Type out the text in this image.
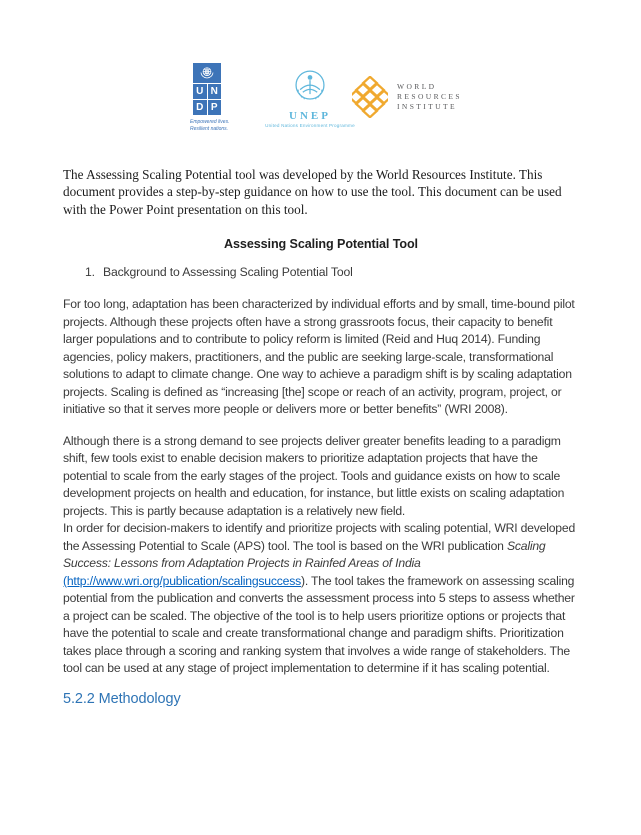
U N
D P
Empowered lives.
Resilient nations.
UNEP
United Nations Environment Programme
WORLD
RESOURCES
INSTITUTE

The Assessing Scaling Potential tool was developed by the World Resources Institute. This document provides a step-by-step guidance on how to use the tool. This document can be used with the Power Point presentation on this tool.

Assessing Scaling Potential Tool
1. Background to Assessing Scaling Potential Tool

For too long, adaptation has been characterized by individual efforts and by small, time-bound pilot projects. Although these projects often have a strong grassroots focus, their capacity to benefit larger populations and to contribute to policy reform is limited (Reid and Huq 2014). Funding agencies, policy makers, practitioners, and the public are seeking large-scale, transformational solutions to adapt to climate change. One way to achieve a paradigm shift is by scaling adaptation projects. Scaling is defined as “increasing [the] scope or reach of an activity, program, project, or initiative so that it serves more people or delivers more or better benefits” (WRI 2008).

Although there is a strong demand to see projects deliver greater benefits leading to a paradigm shift, few tools exist to enable decision makers to prioritize adaptation projects that have the potential to scale from the early stages of the project. Tools and guidance exists on how to scale development projects on health and education, for instance, but little exists on scaling adaptation projects. This is partly because adaptation is a relatively new field.
In order for decision-makers to identify and prioritize projects with scaling potential, WRI developed the Assessing Potential to Scale (APS) tool. The tool is based on the WRI publication Scaling Success: Lessons from Adaptation Projects in Rainfed Areas of India (http://www.wri.org/publication/scalingsuccess). The tool takes the framework on assessing scaling potential from the publication and converts the assessment process into 5 steps to assess whether a project can be scaled. The objective of the tool is to help users prioritize options or projects that have the potential to scale and create transformational change and paradigm shifts. Prioritization takes place through a scoring and ranking system that involves a wide range of stakeholders. The tool can be used at any stage of project implementation to determine if it has scaling potential.

5.2.2 Methodology
